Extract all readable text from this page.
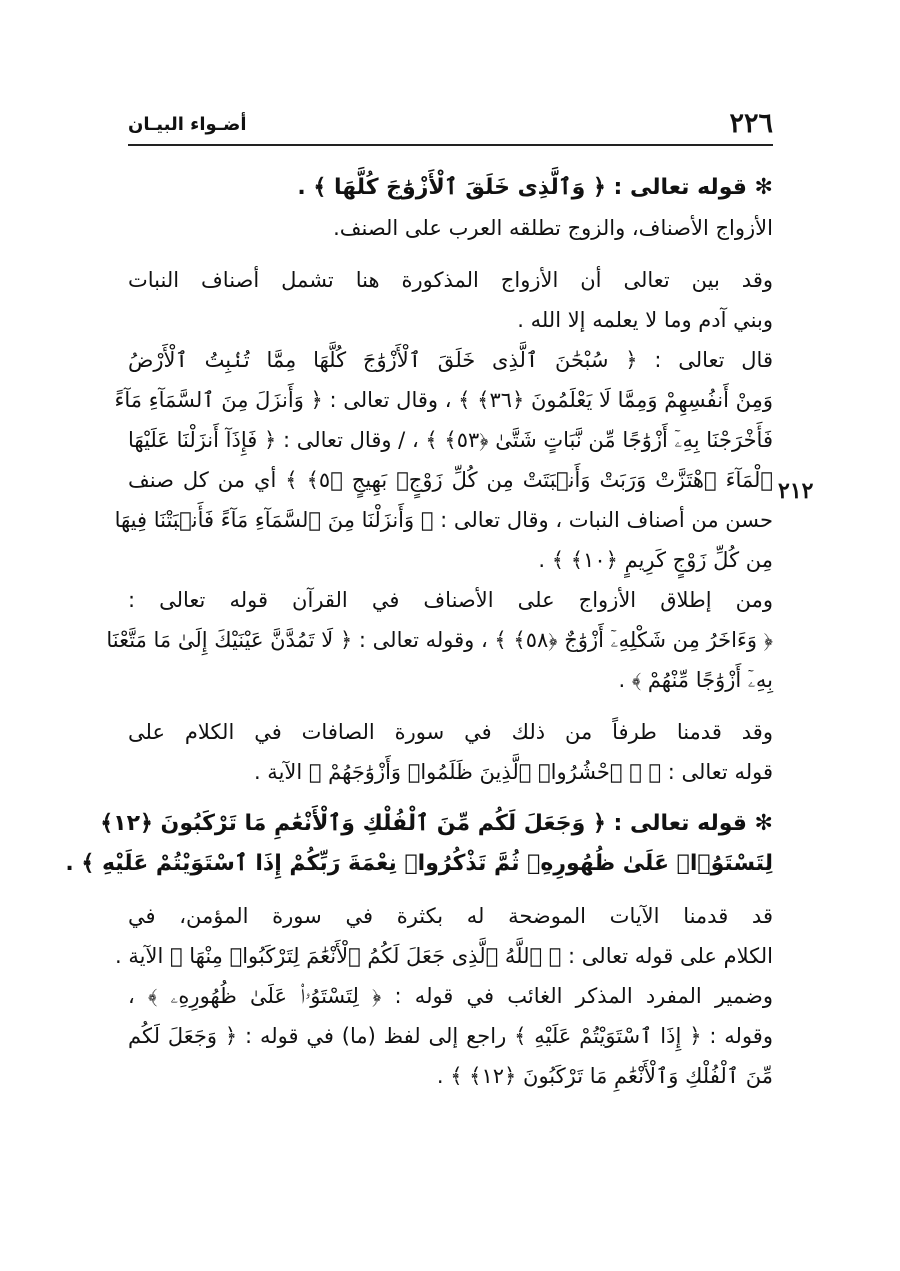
٢٢٦
أضـواء البيـان
٢١٢
✻ قوله تعالى : ﴿ وَٱلَّذِى خَلَقَ ٱلْأَزْوَٰجَ كُلَّهَا ﴾ .
الأزواج الأصناف، والزوج تطلقه العرب على الصنف.
وقد بين تعالى أن الأزواج المذكورة هنا تشمل أصناف النبات
وبني آدم وما لا يعلمه إلا الله .
قال تعالى : ﴿ سُبْحَٰنَ ٱلَّذِى خَلَقَ ٱلْأَزْوَٰجَ كُلَّهَا مِمَّا تُنۢبِتُ ٱلْأَرْضُ
وَمِنْ أَنفُسِهِمْ وَمِمَّا لَا يَعْلَمُونَ ﴿٣٦﴾ ﴾ ، وقال تعالى : ﴿ وَأَنزَلَ مِنَ ٱلسَّمَآءِ مَآءً
فَأَخْرَجْنَا بِهِۦٓ أَزْوَٰجًا مِّن نَّبَاتٍ شَتَّىٰ ﴿٥٣﴾ ﴾ ، / وقال تعالى : ﴿ فَإِذَآ أَنزَلْنَا عَلَيْهَا
ٱلْمَآءَ ٱهْتَزَّتْ وَرَبَتْ وَأَنۢبَتَتْ مِن كُلِّ زَوْجٍۭ بَهِيجٍ ﴿٥﴾ ﴾ أي من كل صنف
حسن من أصناف النبات ، وقال تعالى : ﴿ وَأَنزَلْنَا مِنَ ٱلسَّمَآءِ مَآءً فَأَنۢبَتْنَا فِيهَا
مِن كُلِّ زَوْجٍ كَرِيمٍ ﴿١٠﴾ ﴾ .
ومن إطلاق الأزواج على الأصناف في القرآن قوله تعالى :
﴿ وَءَاخَرُ مِن شَكْلِهِۦٓ أَزْوَٰجٌ ﴿٥٨﴾ ﴾ ، وقوله تعالى : ﴿ لَا تَمُدَّنَّ عَيْنَيْكَ إِلَىٰ مَا مَتَّعْنَا
بِهِۦٓ أَزْوَٰجًا مِّنْهُمْ ﴾ .
وقد قدمنا طرفاً من ذلك في سورة الصافات في الكلام على
قوله تعالى : ﴿ ۞ ٱحْشُرُوا۟ ٱلَّذِينَ ظَلَمُوا۟ وَأَزْوَٰجَهُمْ ﴾ الآية .
✻ قوله تعالى : ﴿ وَجَعَلَ لَكُم مِّنَ ٱلْفُلْكِ وَٱلْأَنْعَٰمِ مَا تَرْكَبُونَ ﴿١٢﴾
لِتَسْتَوُۥا۟ عَلَىٰ ظُهُورِهِۦ ثُمَّ تَذْكُرُوا۟ نِعْمَةَ رَبِّكُمْ إِذَا ٱسْتَوَيْتُمْ عَلَيْهِ ﴾ .
قد قدمنا الآيات الموضحة له بكثرة في سورة المؤمن، في
الكلام على قوله تعالى : ﴿ ٱللَّهُ ٱلَّذِى جَعَلَ لَكُمُ ٱلْأَنْعَٰمَ لِتَرْكَبُوا۟ مِنْهَا ﴾ الآية .
وضمير المفرد المذكر الغائب في قوله : ﴿ لِتَسْتَوُۥا۟ عَلَىٰ ظُهُورِهِۦ ﴾ ،
وقوله : ﴿ إِذَا ٱسْتَوَيْتُمْ عَلَيْهِ ﴾ راجع إلى لفظ (ما) في قوله : ﴿ وَجَعَلَ لَكُم
مِّنَ ٱلْفُلْكِ وَٱلْأَنْعَٰمِ مَا تَرْكَبُونَ ﴿١٢﴾ ﴾ .
